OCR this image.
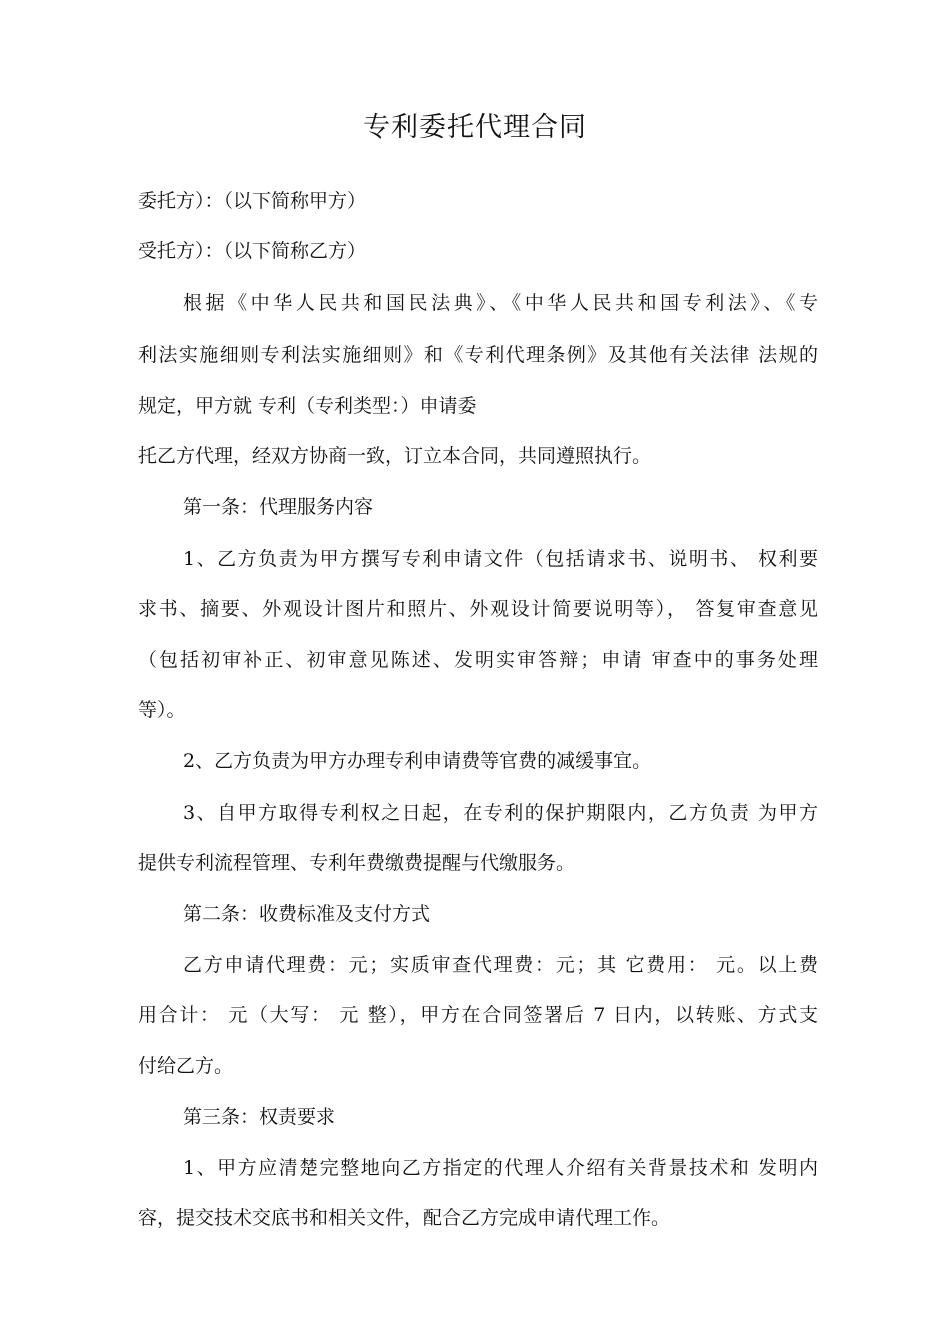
专利委托代理合同
委托方）：（以下简称甲方）
受托方）：（以下简称乙方）
根据《中华人民共和国民法典》、《中华人民共和国专利法》、《专
利法实施细则专利法实施细则》和《专利代理条例》及其他有关法律 法规的
规定，甲方就 专利（专利类型：）申请委
托乙方代理，经双方协商一致，订立本合同，共同遵照执行。
第一条：代理服务内容
1、乙方负责为甲方撰写专利申请文件（包括请求书、说明书、 权利要
求书、摘要、外观设计图片和照片、外观设计简要说明等）， 答复审查意见
（包括初审补正、初审意见陈述、发明实审答辩；申请 审查中的事务处理
等）。
2、乙方负责为甲方办理专利申请费等官费的减缓事宜。
3、自甲方取得专利权之日起，在专利的保护期限内，乙方负责 为甲方
提供专利流程管理、专利年费缴费提醒与代缴服务。
第二条：收费标准及支付方式
乙方申请代理费：元；实质审查代理费：元；其 它费用： 元。以上费
用合计： 元（大写： 元 整），甲方在合同签署后 7 日内，以转账、方式支
付给乙方。
第三条：权责要求
1、甲方应清楚完整地向乙方指定的代理人介绍有关背景技术和 发明内
容，提交技术交底书和相关文件，配合乙方完成申请代理工作。
